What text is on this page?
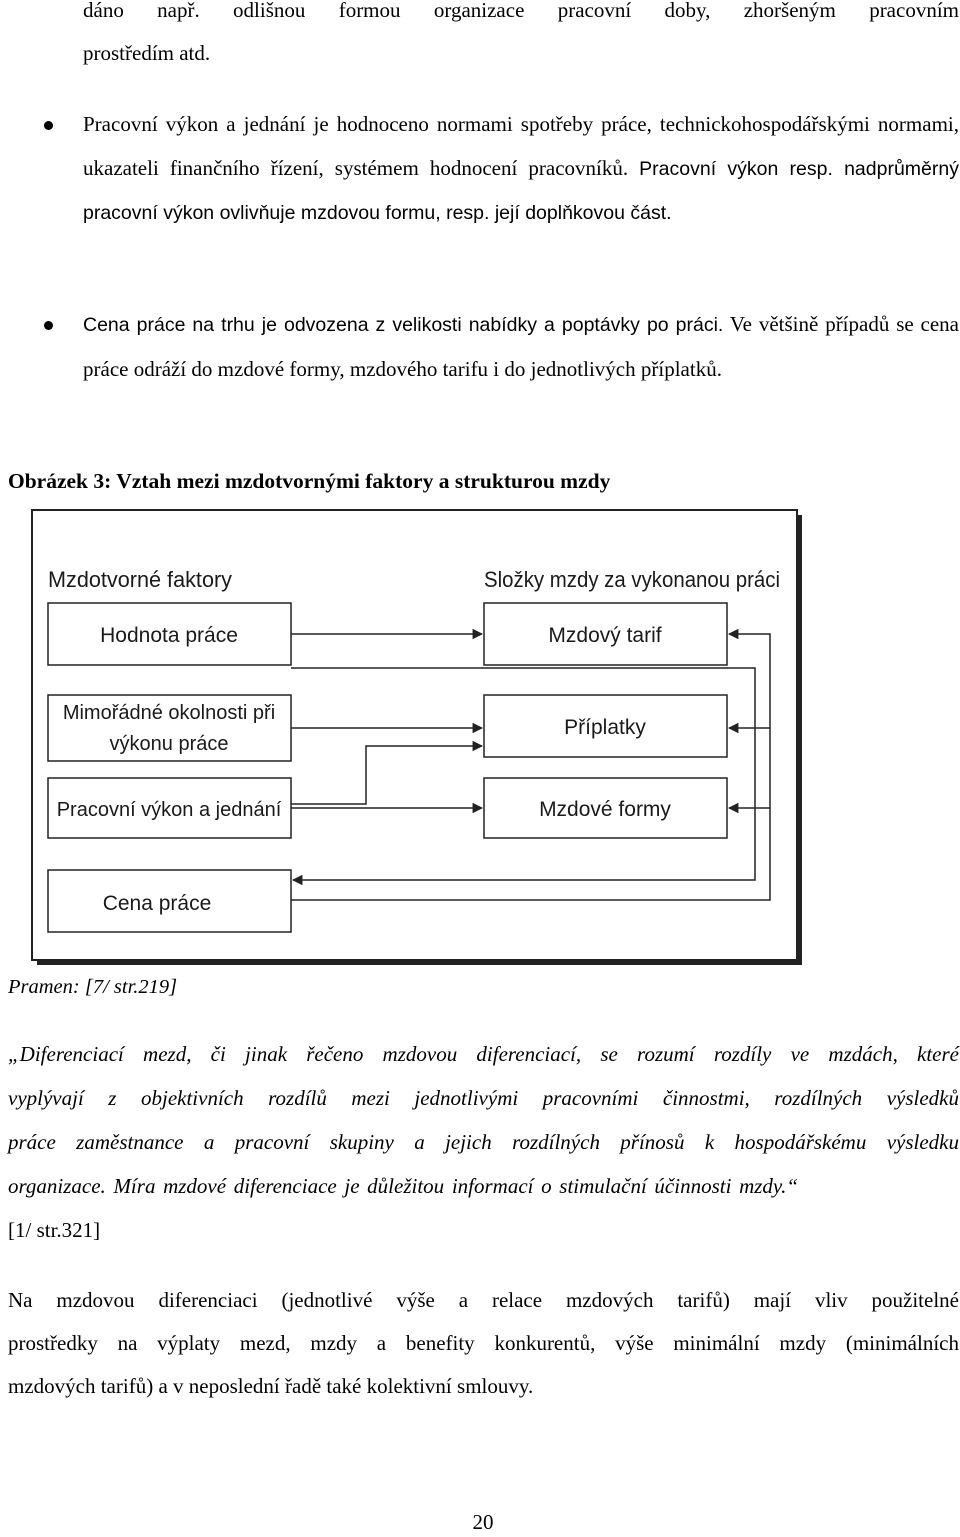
dáno např. odlišnou formou organizace pracovní doby, zhoršeným pracovním
prostředím atd.
Pracovní výkon a jednání je hodnoceno normami spotřeby práce, technickohospodářskými normami, ukazateli finančního řízení, systémem hodnocení pracovníků. Pracovní výkon resp. nadprůměrný pracovní výkon ovlivňuje mzdovou formu, resp. její doplňkovou část.
Cena práce na trhu je odvozena z velikosti nabídky a poptávky po práci. Ve většině případů se cena práce odráží do mzdové formy, mzdového tarifu i do jednotlivých příplatků.
Obrázek 3: Vztah mezi mzdotvornými faktory a strukturou mzdy
Mzdotvorné faktory	Složky mzdy za vykonanou práci
Hodnota práce
Mimořádné okolnosti při
výkonu práce
Pracovní výkon a jednání
Cena práce
Mzdový tarif
Příplatky
Mzdové formy
Pramen: [7/ str.219]
„Diferenciací mezd, či jinak řečeno mzdovou diferenciací, se rozumí rozdíly ve mzdách, které
vyplývají z objektivních rozdílů mezi jednotlivými pracovními činnostmi, rozdílných výsledků
práce zaměstnance a pracovní skupiny a jejich rozdílných přínosů k hospodářskému výsledku
organizace. Míra mzdové diferenciace je důležitou informací o stimulační účinnosti mzdy.“
[1/ str.321]
Na mzdovou diferenciaci (jednotlivé výše a relace mzdových tarifů) mají vliv použitelné
prostředky na výplaty mezd, mzdy a benefity konkurentů, výše minimální mzdy (minimálních
mzdových tarifů) a v neposlední řadě také kolektivní smlouvy.
20
